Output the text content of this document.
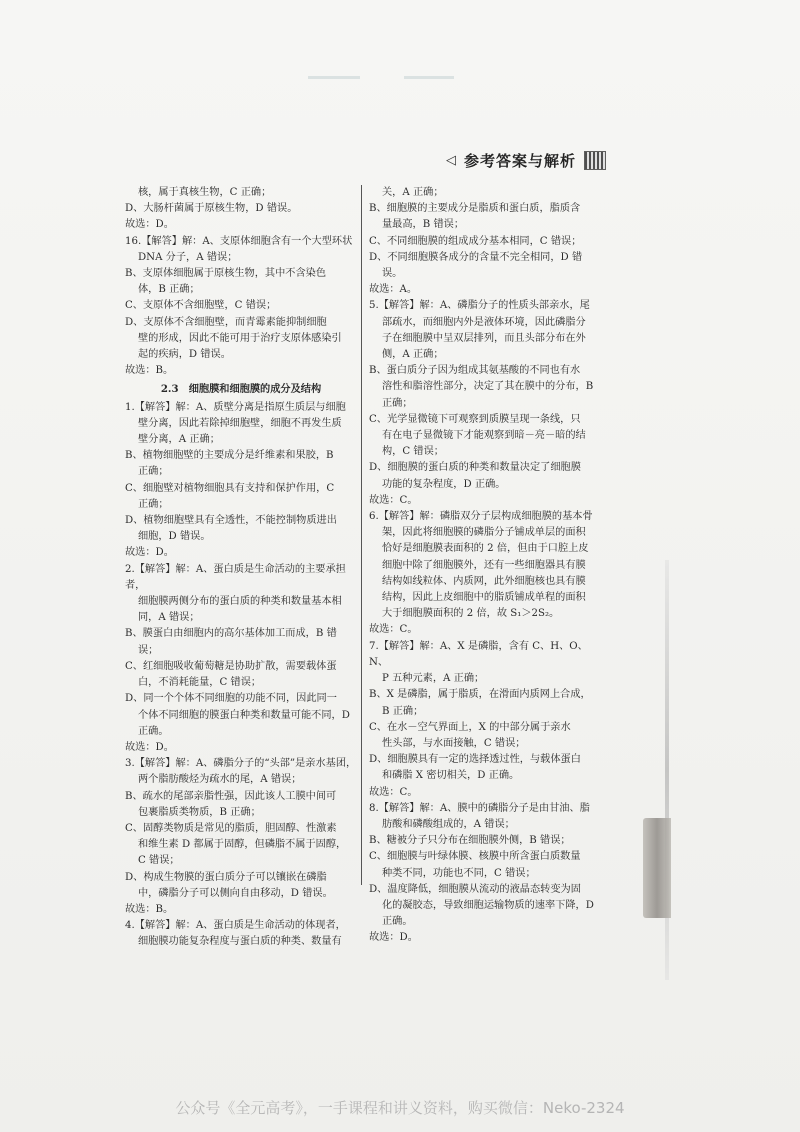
◁ 参考答案与解析

核，属于真核生物，C 正确；

D、大肠杆菌属于原核生物，D 错误。

故选：D。

16.【解答】解：A、支原体细胞含有一个大型环状

DNA 分子，A 错误；

B、支原体细胞属于原核生物，其中不含染色

体，B 正确；

C、支原体不含细胞壁，C 错误；

D、支原体不含细胞壁，而青霉素能抑制细胞

壁的形成，因此不能可用于治疗支原体感染引

起的疾病，D 错误。

故选：B。

2.3　细胞膜和细胞膜的成分及结构

1.【解答】解：A、质壁分离是指原生质层与细胞

壁分离，因此若除掉细胞壁，细胞不再发生质

壁分离，A 正确；

B、植物细胞壁的主要成分是纤维素和果胶，B

正确；

C、细胞壁对植物细胞具有支持和保护作用，C

正确；

D、植物细胞壁具有全透性，不能控制物质进出

细胞，D 错误。

故选：D。

2.【解答】解：A、蛋白质是生命活动的主要承担者，

细胞膜两侧分布的蛋白质的种类和数量基本相

同，A 错误；

B、膜蛋白由细胞内的高尔基体加工而成，B 错

误；

C、红细胞吸收葡萄糖是协助扩散，需要载体蛋

白，不消耗能量，C 错误；

D、同一个个体不同细胞的功能不同，因此同一

个体不同细胞的膜蛋白种类和数量可能不同，D

正确。

故选：D。

3.【解答】解：A、磷脂分子的“头部”是亲水基团，

两个脂肪酸烃为疏水的尾，A 错误；

B、疏水的尾部亲脂性强，因此该人工膜中间可

包裹脂质类物质，B 正确；

C、固醇类物质是常见的脂质，胆固醇、性激素

和维生素 D 都属于固醇，但磷脂不属于固醇，

C 错误；

D、构成生物膜的蛋白质分子可以镶嵌在磷脂

中，磷脂分子可以侧向自由移动，D 错误。

故选：B。

4.【解答】解：A、蛋白质是生命活动的体现者，

细胞膜功能复杂程度与蛋白质的种类、数量有

关，A 正确；

B、细胞膜的主要成分是脂质和蛋白质，脂质含

量最高，B 错误；

C、不同细胞膜的组成成分基本相同，C 错误；

D、不同细胞膜各成分的含量不完全相同，D 错

误。

故选：A。

5.【解答】解：A、磷脂分子的性质头部亲水，尾

部疏水，而细胞内外是液体环境，因此磷脂分

子在细胞膜中呈双层排列，而且头部分布在外

侧，A 正确；

B、蛋白质分子因为组成其氨基酸的不同也有水

溶性和脂溶性部分，决定了其在膜中的分布，B

正确；

C、光学显微镜下可观察到质膜呈现一条线，只

有在电子显微镜下才能观察到暗－亮－暗的结

构，C 错误；

D、细胞膜的蛋白质的种类和数量决定了细胞膜

功能的复杂程度，D 正确。

故选：C。

6.【解答】解：磷脂双分子层构成细胞膜的基本骨

架，因此将细胞膜的磷脂分子铺成单层的面积

恰好是细胞膜表面积的 2 倍，但由于口腔上皮

细胞中除了细胞膜外，还有一些细胞器具有膜

结构如线粒体、内质网，此外细胞核也具有膜

结构，因此上皮细胞中的脂质铺成单程的面积

大于细胞膜面积的 2 倍，故 S₁＞2S₂。

故选：C。

7.【解答】解：A、X 是磷脂，含有 C、H、O、N、

P 五种元素，A 正确；

B、X 是磷脂，属于脂质，在滑面内质网上合成，

B 正确；

C、在水－空气界面上，X 的中部分属于亲水

性头部，与水面接触，C 错误；

D、细胞膜具有一定的选择透过性，与载体蛋白

和磷脂 X 密切相关，D 正确。

故选：C。

8.【解答】解：A、膜中的磷脂分子是由甘油、脂

肪酸和磷酸组成的，A 错误；

B、糖被分子只分布在细胞膜外侧，B 错误；

C、细胞膜与叶绿体膜、核膜中所含蛋白质数量

种类不同，功能也不同，C 错误；

D、温度降低，细胞膜从流动的液晶态转变为固

化的凝胶态，导致细胞运输物质的速率下降，D

正确。

故选：D。

公众号《全元高考》，一手课程和讲义资料，购买微信：Neko-2324
